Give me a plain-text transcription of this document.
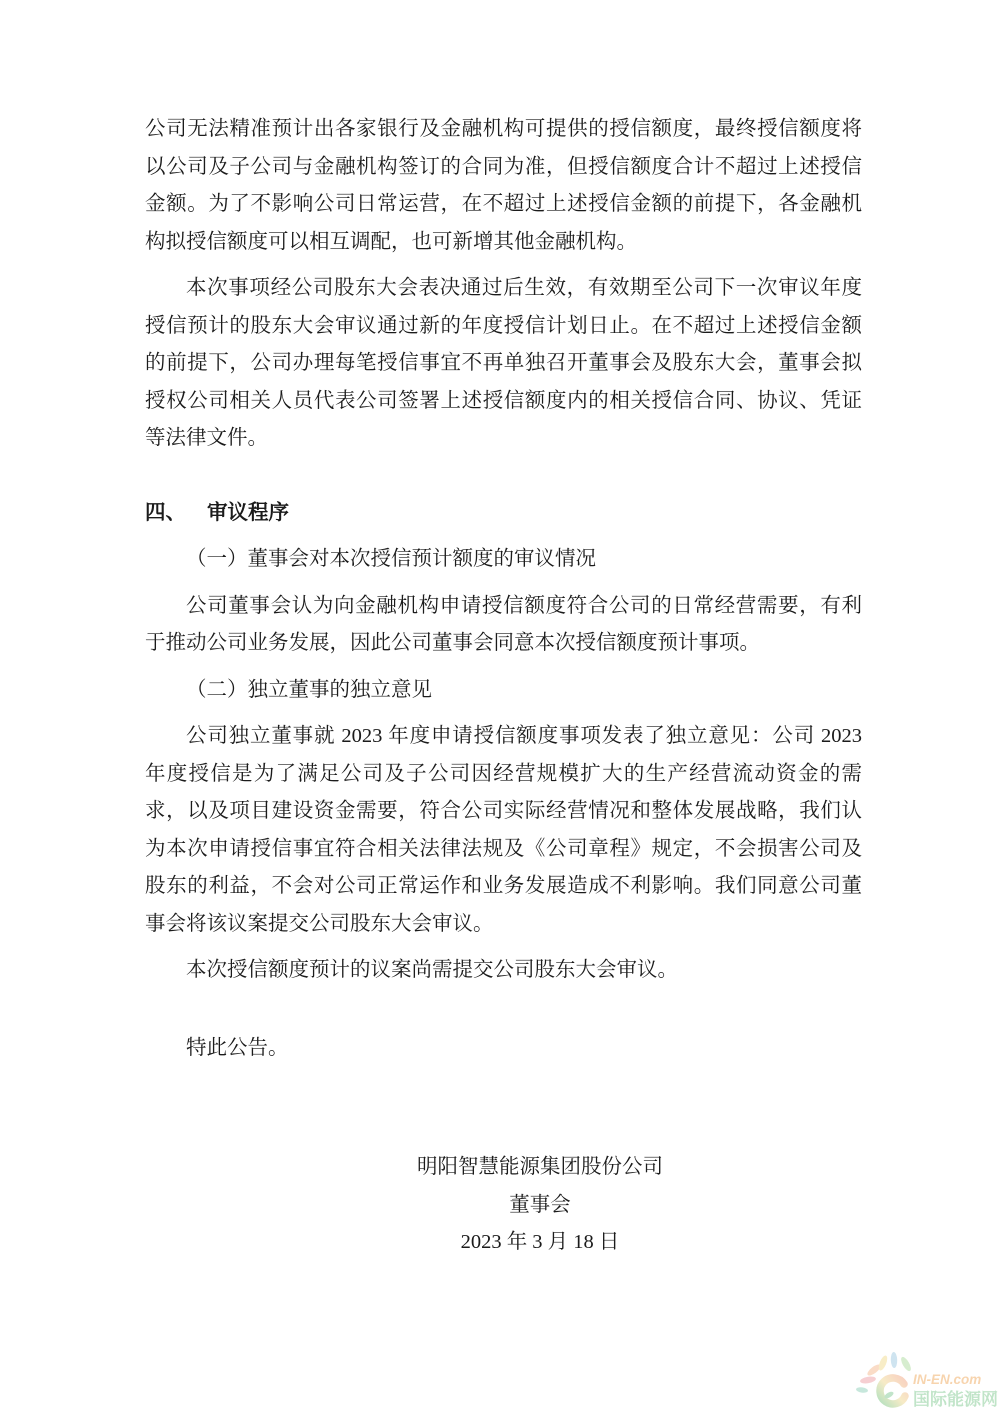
公司无法精准预计出各家银行及金融机构可提供的授信额度，最终授信额度将以公司及子公司与金融机构签订的合同为准，但授信额度合计不超过上述授信金额。为了不影响公司日常运营，在不超过上述授信金额的前提下，各金融机构拟授信额度可以相互调配，也可新增其他金融机构。

本次事项经公司股东大会表决通过后生效，有效期至公司下一次审议年度授信预计的股东大会审议通过新的年度授信计划日止。在不超过上述授信金额的前提下，公司办理每笔授信事宜不再单独召开董事会及股东大会，董事会拟授权公司相关人员代表公司签署上述授信额度内的相关授信合同、协议、凭证等法律文件。

四、 审议程序

（一）董事会对本次授信预计额度的审议情况

公司董事会认为向金融机构申请授信额度符合公司的日常经营需要，有利于推动公司业务发展，因此公司董事会同意本次授信额度预计事项。

（二）独立董事的独立意见

公司独立董事就 2023 年度申请授信额度事项发表了独立意见：公司 2023 年度授信是为了满足公司及子公司因经营规模扩大的生产经营流动资金的需求，以及项目建设资金需要，符合公司实际经营情况和整体发展战略，我们认为本次申请授信事宜符合相关法律法规及《公司章程》规定，不会损害公司及股东的利益，不会对公司正常运作和业务发展造成不利影响。我们同意公司董事会将该议案提交公司股东大会审议。

本次授信额度预计的议案尚需提交公司股东大会审议。

特此公告。

明阳智慧能源集团股份公司
董事会
2023 年 3 月 18 日
IN-EN.com
国际能源网
